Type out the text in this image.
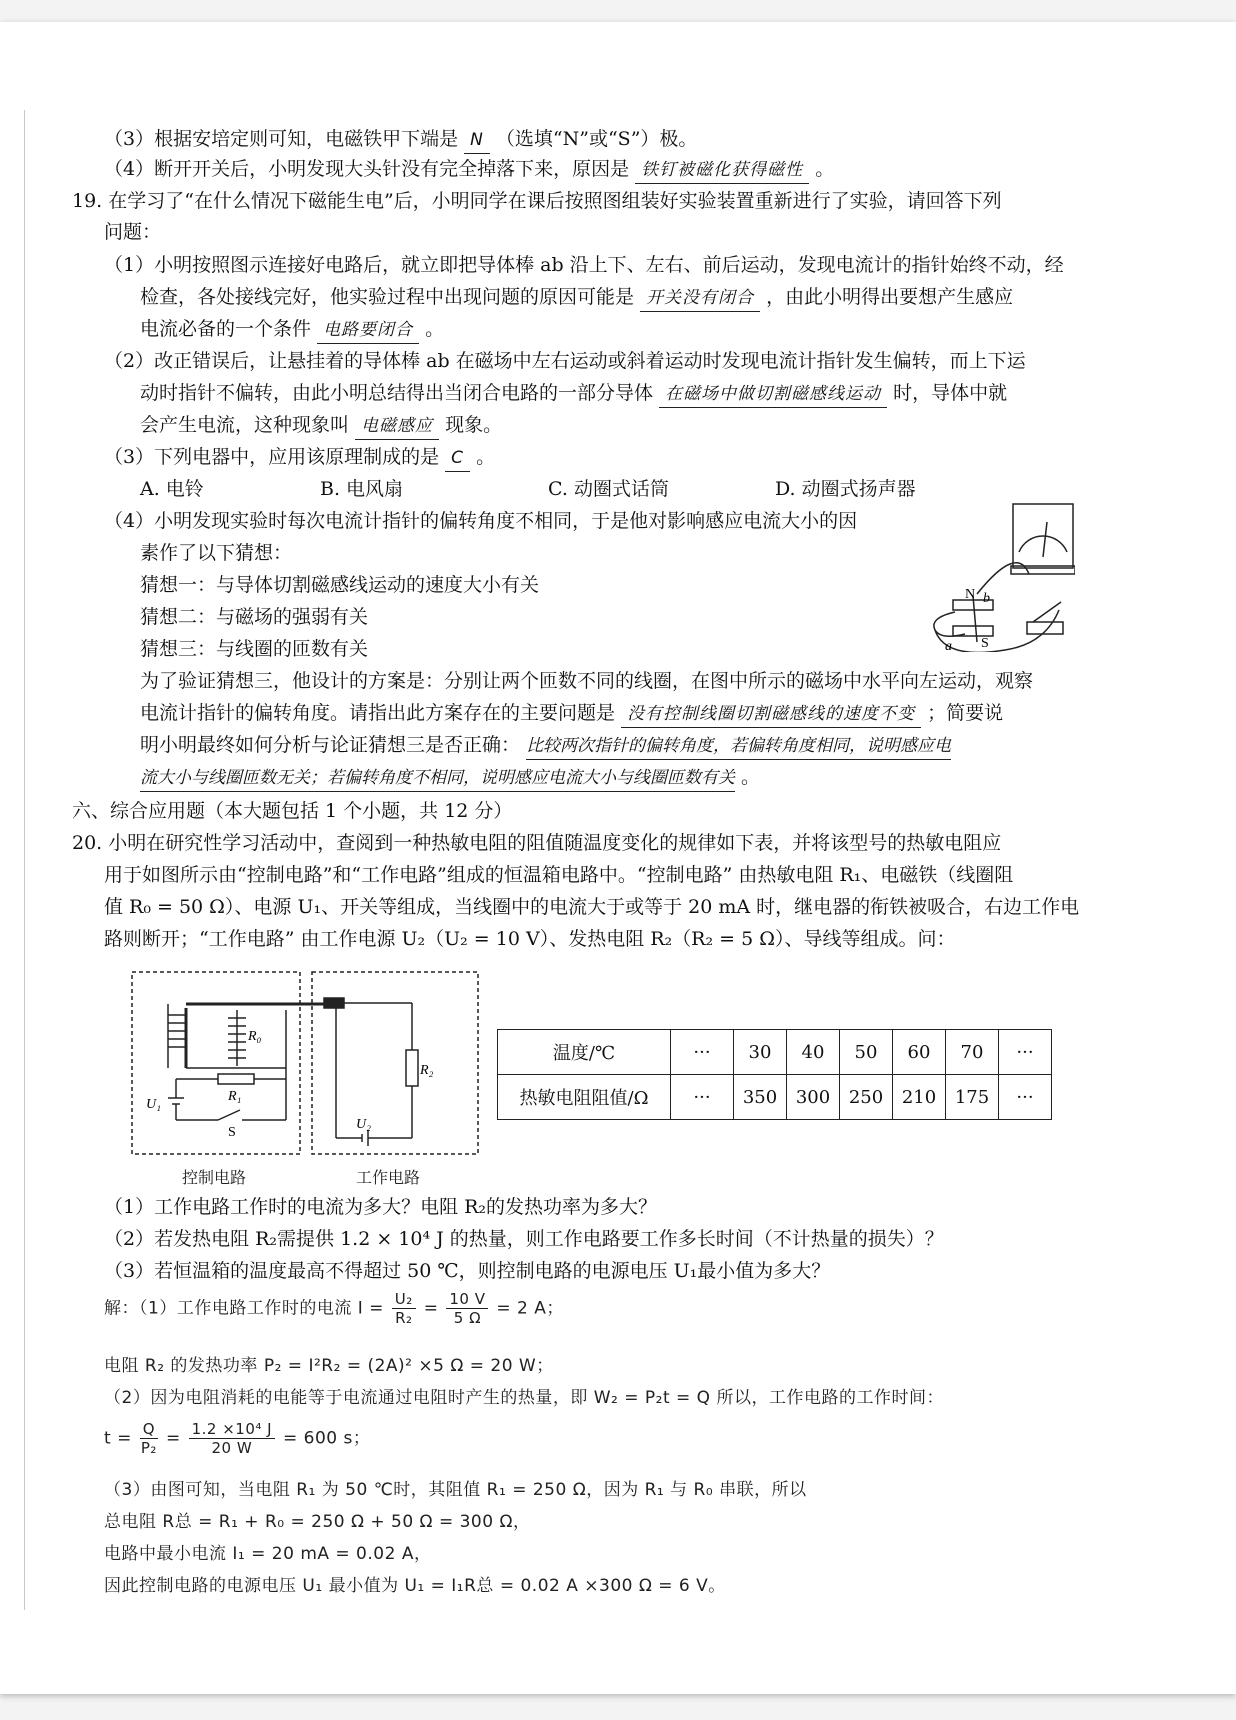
（3）根据安培定则可知，电磁铁甲下端是 N （选填“N”或“S”）极。
（4）断开开关后，小明发现大头针没有完全掉落下来，原因是 铁钉被磁化获得磁性 。
19. 在学习了“在什么情况下磁能生电”后，小明同学在课后按照图组装好实验装置重新进行了实验，请回答下列
问题：
（1）小明按照图示连接好电路后，就立即把导体棒 ab 沿上下、左右、前后运动，发现电流计的指针始终不动，经
检查，各处接线完好，他实验过程中出现问题的原因可能是 开关没有闭合 ，由此小明得出要想产生感应
电流必备的一个条件 电路要闭合 。
（2）改正错误后，让悬挂着的导体棒 ab 在磁场中左右运动或斜着运动时发现电流计指针发生偏转，而上下运
动时指针不偏转，由此小明总结得出当闭合电路的一部分导体 在磁场中做切割磁感线运动 时，导体中就
会产生电流，这种现象叫 电磁感应 现象。
（3）下列电器中，应用该原理制成的是 C 。
A. 电铃	B. 电风扇	C. 动圈式话筒	D. 动圈式扬声器
（4）小明发现实验时每次电流计指针的偏转角度不相同，于是他对影响感应电流大小的因
素作了以下猜想：
猜想一：与导体切割磁感线运动的速度大小有关
猜想二：与磁场的强弱有关
猜想三：与线圈的匝数有关
为了验证猜想三，他设计的方案是：分别让两个匝数不同的线圈，在图中所示的磁场中水平向左运动，观察
电流计指针的偏转角度。请指出此方案存在的主要问题是 没有控制线圈切割磁感线的速度不变 ；简要说
明小明最终如何分析与论证猜想三是否正确： 比较两次指针的偏转角度，若偏转角度相同，说明感应电
流大小与线圈匝数无关；若偏转角度不相同，说明感应电流大小与线圈匝数有关 。
N
S
a
b
六、综合应用题（本大题包括 1 个小题，共 12 分）
20. 小明在研究性学习活动中，查阅到一种热敏电阻的阻值随温度变化的规律如下表，并将该型号的热敏电阻应
用于如图所示由“控制电路”和“工作电路”组成的恒温箱电路中。“控制电路” 由热敏电阻 R₁、电磁铁（线圈阻
值 R₀ = 50 Ω）、电源 U₁、开关等组成，当线圈中的电流大于或等于 20 mA 时，继电器的衔铁被吸合，右边工作电
路则断开；“工作电路” 由工作电源 U₂（U₂ = 10 V）、发热电阻 R₂（R₂ = 5 Ω）、导线等组成。问：
R₀
R₁
R₂
U₁
U₂
S
控制电路	工作电路
温度/℃	···	30	40	50	60	70	···
热敏电阻阻值/Ω	···	350	300	250	210	175	···
（1）工作电路工作时的电流为多大？电阻 R₂的发热功率为多大？
（2）若发热电阻 R₂需提供 1.2 × 10⁴ J 的热量，则工作电路要工作多长时间（不计热量的损失）？
（3）若恒温箱的温度最高不得超过 50 ℃，则控制电路的电源电压 U₁最小值为多大？
解：（1）工作电路工作时的电流 $I = \frac{\text{U₂}}{\text{R₂}} = \frac{10 V}{5 \Omega} = 2$ A；
电阻 R₂ 的发热功率 P₂ = I²R₂ = (2A)² ×5 Ω = 20 W；
（2）因为电阻消耗的电能等于电流通过电阻时产生的热量，即 W₂ = P₂t = Q 所以，工作电路的工作时间：
$t = \frac{Q}{\text{P₂}} = \frac{\text{1.2 ×10⁴ J}}{20 W} = 600$ s；
（3）由图可知，当电阻 R₁ 为 50 ℃时，其阻值 R₁ = 250 Ω，因为 R₁ 与 R₀ 串联，所以
总电阻 R总 = R₁ + R₀ = 250 Ω + 50 Ω = 300 Ω，
电路中最小电流 I₁ = 20 mA = 0.02 A，
因此控制电路的电源电压 U₁ 最小值为 U₁ = I₁R总 = 0.02 A ×300 Ω = 6 V。
